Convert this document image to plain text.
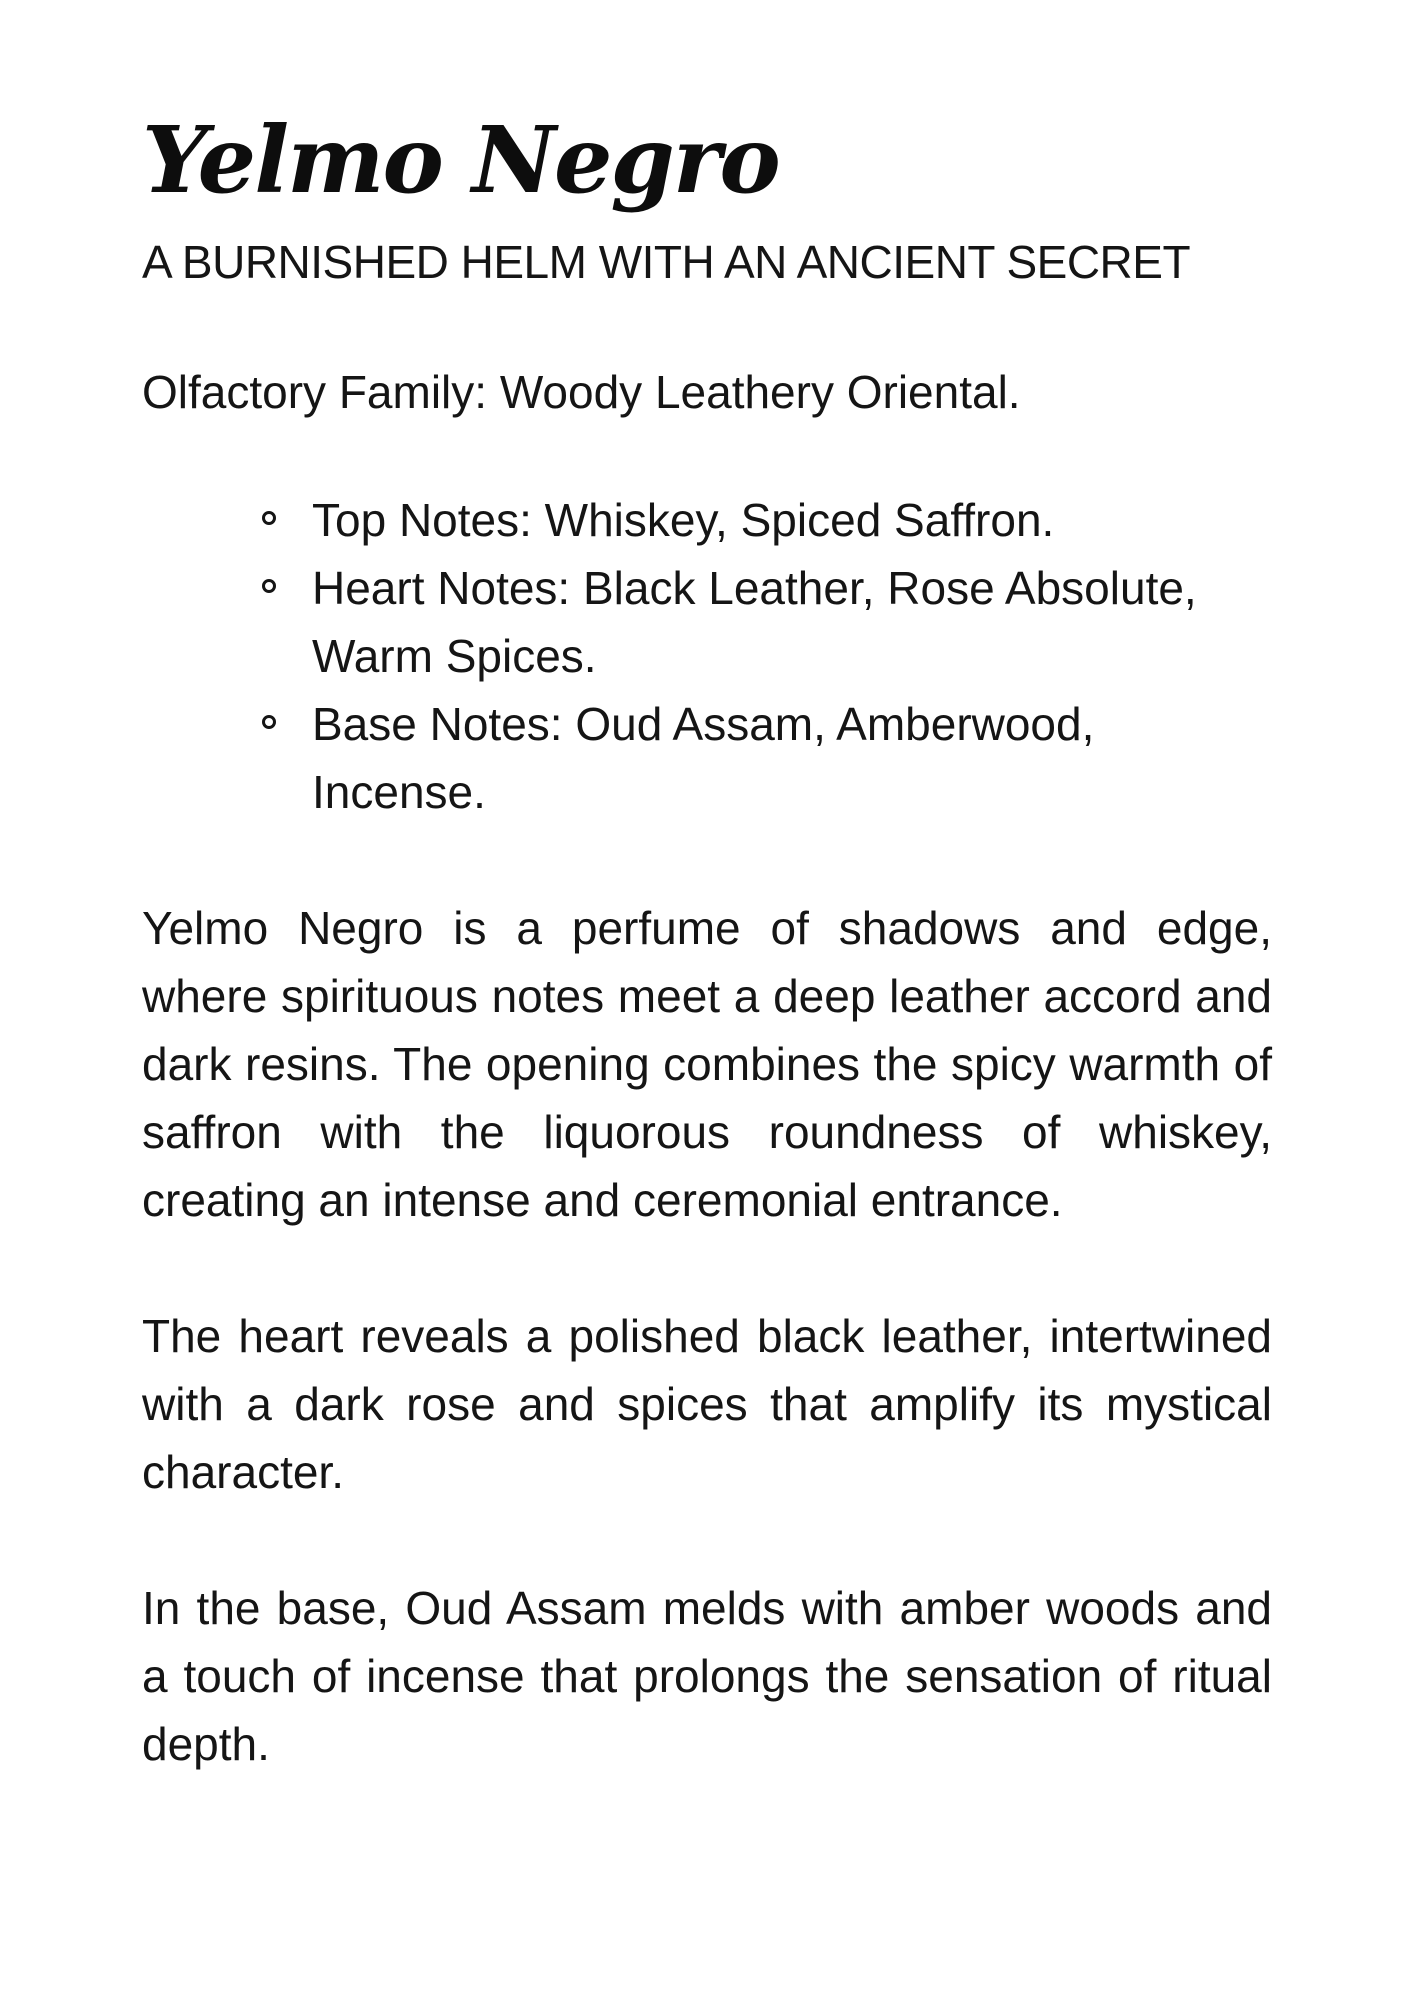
Yelmo Negro

A BURNISHED HELM WITH AN ANCIENT SECRET

Olfactory Family: Woody Leathery Oriental.

Top Notes: Whiskey, Spiced Saffron.
Heart Notes: Black Leather, Rose Absolute, Warm Spices.
Base Notes: Oud Assam, Amberwood, Incense.

Yelmo Negro is a perfume of shadows and edge, where spirituous notes meet a deep leather accord and dark resins. The opening combines the spicy warmth of saffron with the liquorous roundness of whiskey, creating an intense and ceremonial entrance.

The heart reveals a polished black leather, intertwined with a dark rose and spices that amplify its mystical character.

In the base, Oud Assam melds with amber woods and a touch of incense that prolongs the sensation of ritual depth.
